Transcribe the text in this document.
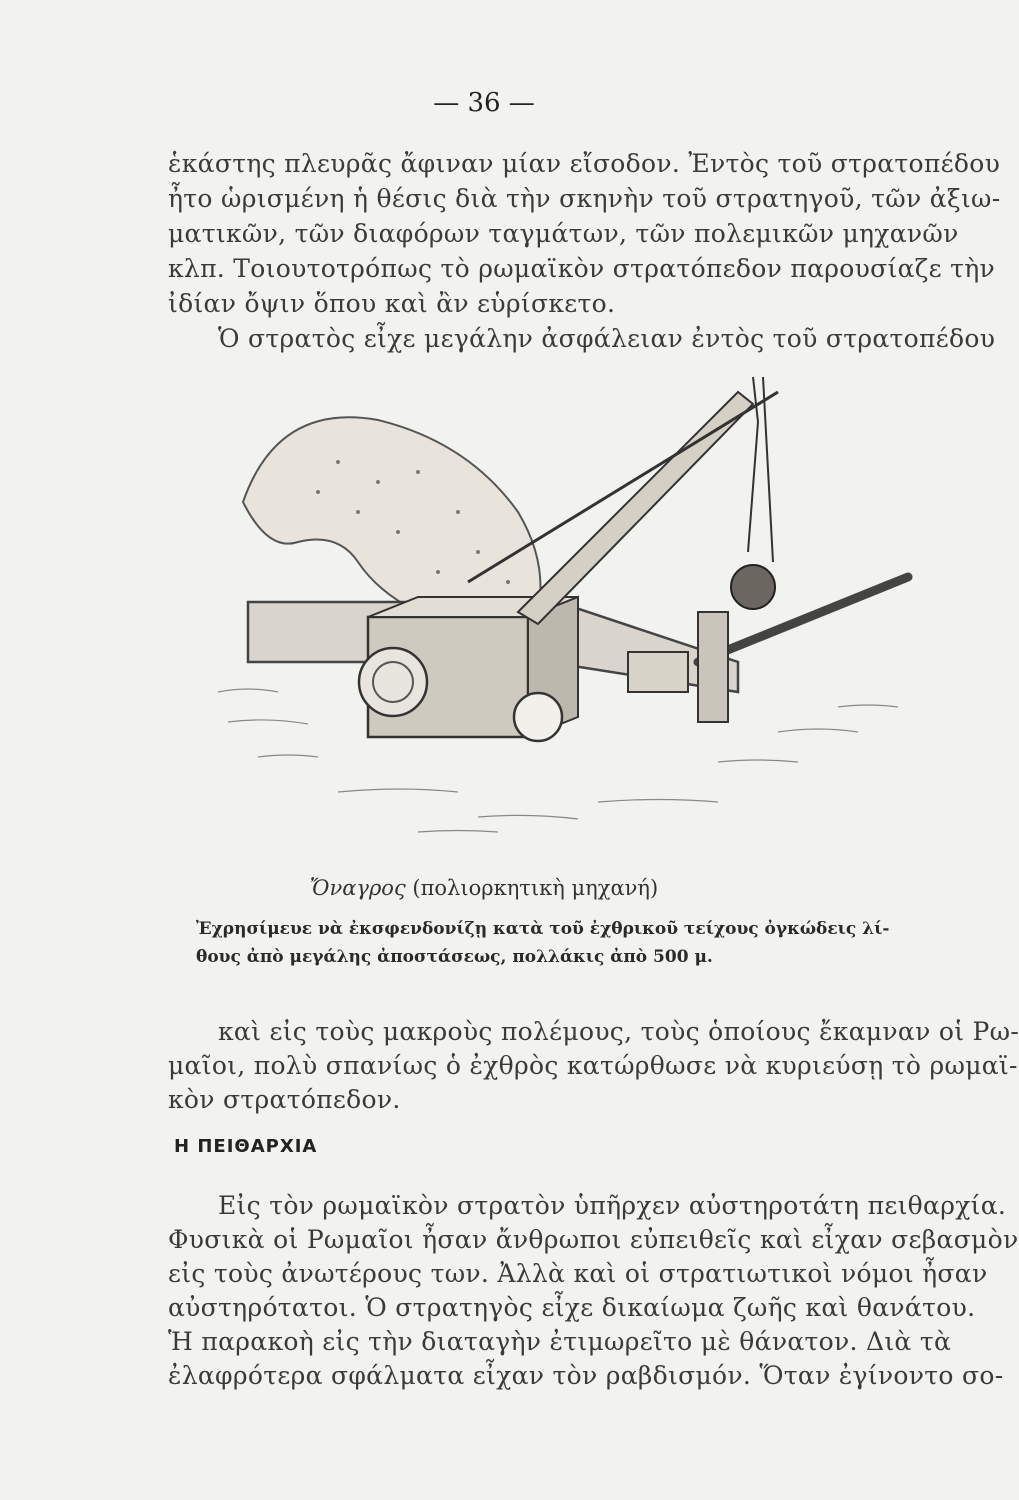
— 36 —
ἑκάστης πλευρᾶς ἄφιναν μίαν εἴσοδον. Ἐντὸς τοῦ στρατοπέδου
ἦτο ὡρισμένη ἡ θέσις διὰ τὴν σκηνὴν τοῦ στρατηγοῦ, τῶν ἀξιω-
ματικῶν, τῶν διαφόρων ταγμάτων, τῶν πολεμικῶν μηχανῶν
κλπ. Τοιουτοτρόπως τὸ ρωμαϊκὸν στρατόπεδον παρουσίαζε τὴν
ἰδίαν ὄψιν ὅπου καὶ ἂν εὑρίσκετο.
Ὁ στρατὸς εἶχε μεγάλην ἀσφάλειαν ἐντὸς τοῦ στρατοπέδου
Ὄναγρος (πολιορκητικὴ μηχανή)
Ἐχρησίμευε νὰ ἐκσφενδονίζῃ κατὰ τοῦ ἐχθρικοῦ τείχους ὀγκώδεις λί-
θους ἀπὸ μεγάλης ἀποστάσεως, πολλάκις ἀπὸ 500 μ.
καὶ εἰς τοὺς μακροὺς πολέμους, τοὺς ὁποίους ἔκαμναν οἱ Ρω-
μαῖοι, πολὺ σπανίως ὁ ἐχθρὸς κατώρθωσε νὰ κυριεύσῃ τὸ ρωμαϊ-
κὸν στρατόπεδον.
Η ΠΕΙΘΑΡΧΙΑ
Εἰς τὸν ρωμαϊκὸν στρατὸν ὑπῆρχεν αὐστηροτάτη πειθαρχία.
Φυσικὰ οἱ Ρωμαῖοι ἦσαν ἄνθρωποι εὐπειθεῖς καὶ εἶχαν σεβασμὸν
εἰς τοὺς ἀνωτέρους των. Ἀλλὰ καὶ οἱ στρατιωτικοὶ νόμοι ἦσαν
αὐστηρότατοι. Ὁ στρατηγὸς εἶχε δικαίωμα ζωῆς καὶ θανάτου.
Ἡ παρακοὴ εἰς τὴν διαταγὴν ἐτιμωρεῖτο μὲ θάνατον. Διὰ τὰ
ἐλαφρότερα σφάλματα εἶχαν τὸν ραβδισμόν. Ὅταν ἐγίνοντο σο-
